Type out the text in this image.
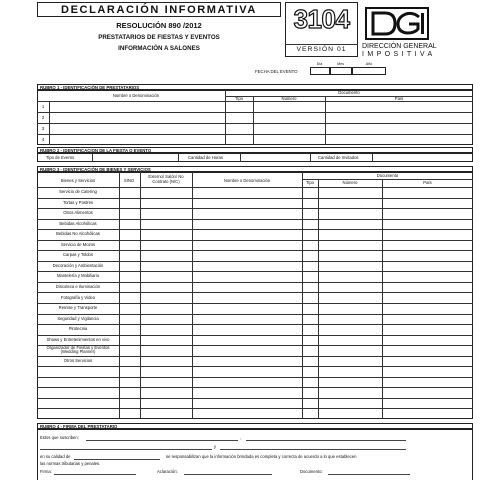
DECLARACIÓN INFORMATIVA
RESOLUCIÓN 890 /2012
PRESTATARIOS DE FIESTAS Y EVENTOS
INFORMACIÓN A SALONES
3104
VERSIÓN 01	DIRECCIÓN GENERAL
IMPOSITIVA
FECHA DEL EVENTO
Día	Mes	Año
RUBRO 1 - IDENTIFICACIÓN DE PRESTATARIOS
Nombre o Denominación
Documento
Tipo	Número	País
1
2
3
4
RUBRO 2 - IDENTIFICACION DE LA FIESTA O EVENTO
Tipo de Evento	Cantidad de Horas	Cantidad de Invitados
RUBRO 3 - IDENTIFICACIÓN DE BIENES Y SERVICIOS
Bienes y Servicios	SINO
Externo/ Salón/ No Contrato (N/C)	Nombre o Denominación
Documento
Tipo	Número	País
Servicio de Catering
Tortas y Postres
Otros Alimentos
Bebidas Alcohólicas
Bebidas No Alcohólicas
Servicio de Mozos
Carpas y Toldos
Decoración y Ambientación
Mantelería y Mobiliario
Discoteca e Iluminación
Fotografía y Video
Remise y Transporte
Seguridad y Vigilancia
Pirotecnia
Shows y Entretenimientos en vivo
Organizador de Fiestas y Eventos (Wedding Planner)
Otros Servicios
RUBRO 4 - FIRMA DEL PRESTATARIO
Estos que suscriben:	,
y
en su calidad de	se responsabilizan que la información brindada es completa y correcta de acuerdo a lo que establecen
las normas tributarias y penales.
Firma:	Aclaración:	Documento:
